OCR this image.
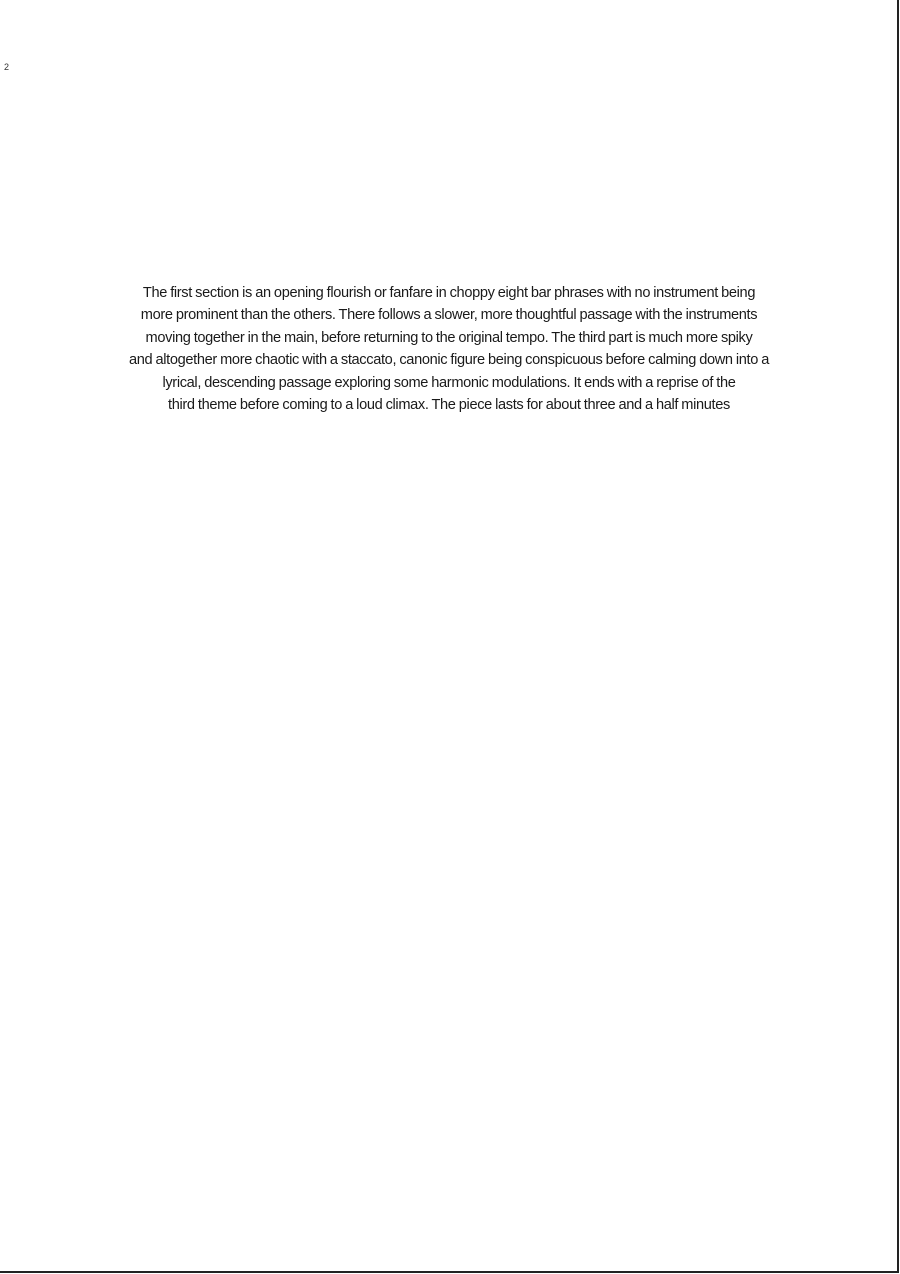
2

The first section is an opening flourish or fanfare in choppy eight bar phrases with no instrument being
more prominent than the others. There follows a slower, more thoughtful passage with the instruments
moving together in the main, before returning to the original tempo. The third part is much more spiky
and altogether more chaotic with a staccato, canonic figure being conspicuous before calming down into a
lyrical, descending passage exploring some harmonic modulations. It ends with a reprise of the
third theme before coming to a loud climax. The piece lasts for about three and a half minutes
